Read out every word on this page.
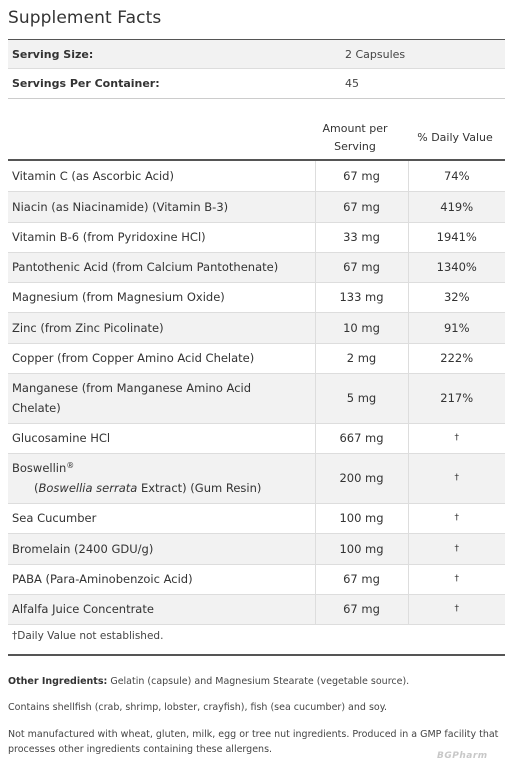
Supplement Facts
Serving Size:	2 Capsules
Servings Per Container:	45
Amount per
Serving
% Daily Value
Vitamin C (as Ascorbic Acid)	67 mg	74%
Niacin (as Niacinamide) (Vitamin B-3)	67 mg	419%
Vitamin B-6 (from Pyridoxine HCl)	33 mg	1941%
Pantothenic Acid (from Calcium Pantothenate)	67 mg	1340%
Magnesium (from Magnesium Oxide)	133 mg	32%
Zinc (from Zinc Picolinate)	10 mg	91%
Copper (from Copper Amino Acid Chelate)	2 mg	222%
Manganese (from Manganese Amino Acid
Chelate)	5 mg	217%
Glucosamine HCl	667 mg	†
Boswellin®
(Boswellia serrata Extract) (Gum Resin)	200 mg	†
Sea Cucumber	100 mg	†
Bromelain (2400 GDU/g)	100 mg	†
PABA (Para-Aminobenzoic Acid)	67 mg	†
Alfalfa Juice Concentrate	67 mg	†
†Daily Value not established.
Other Ingredients: Gelatin (capsule) and Magnesium Stearate (vegetable source).
Contains shellfish (crab, shrimp, lobster, crayfish), fish (sea cucumber) and soy.
Not manufactured with wheat, gluten, milk, egg or tree nut ingredients. Produced in a GMP facility that processes other ingredients containing these allergens.
BGPharm
